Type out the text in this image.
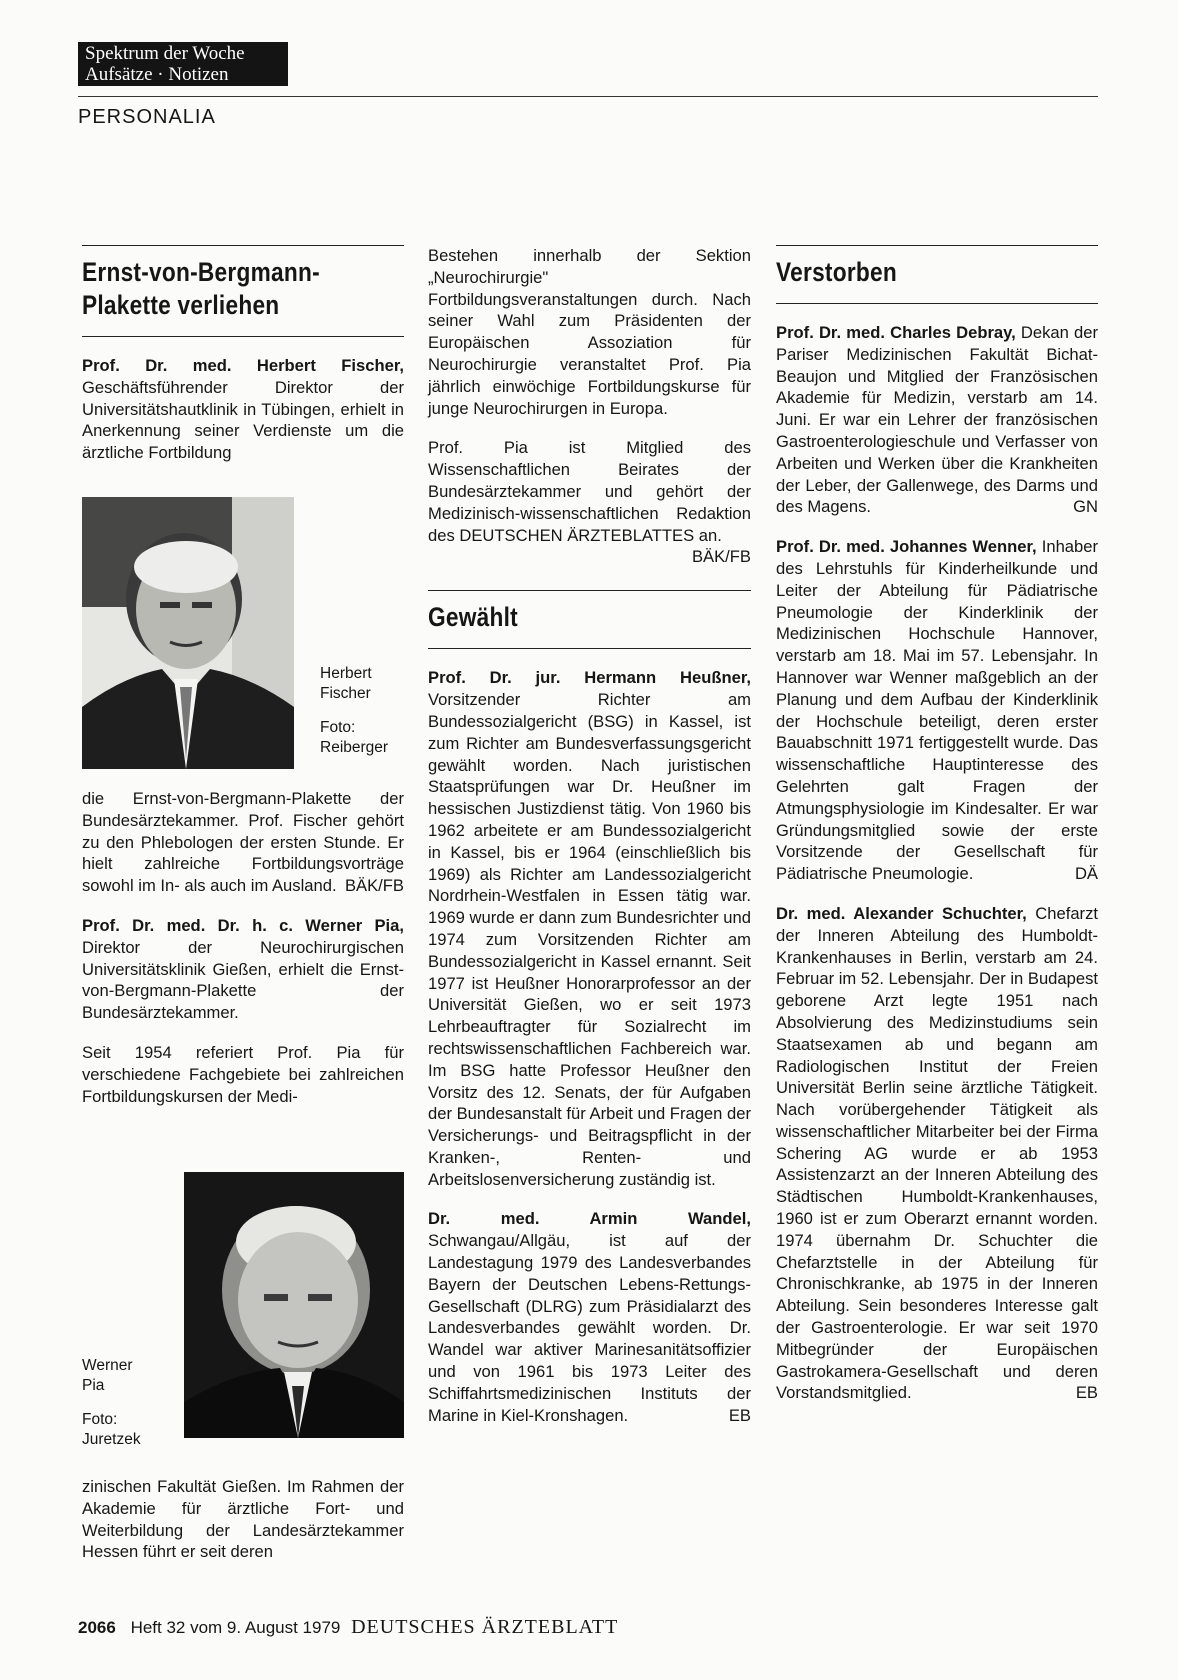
Spektrum der Woche
Aufsätze · Notizen
PERSONALIA
Ernst-von-Bergmann-Plakette verliehen

Prof. Dr. med. Herbert Fischer, Geschäftsführender Direktor der Universitätshautklinik in Tübingen, erhielt in Anerkennung seiner Verdienste um die ärztliche Fortbildung

Herbert Fischer
Foto: Reiberger

die Ernst-von-Bergmann-Plakette der Bundesärztekammer. Prof. Fischer gehört zu den Phlebologen der ersten Stunde. Er hielt zahlreiche Fortbildungsvorträge sowohl im In- als auch im Ausland. BÄK/FB

Prof. Dr. med. Dr. h. c. Werner Pia, Direktor der Neurochirurgischen Universitätsklinik Gießen, erhielt die Ernst-von-Bergmann-Plakette der Bundesärztekammer.

Seit 1954 referiert Prof. Pia für verschiedene Fachgebiete bei zahlreichen Fortbildungskursen der Medi-

Werner Pia
Foto: Juretzek

zinischen Fakultät Gießen. Im Rahmen der Akademie für ärztliche Fort- und Weiterbildung der Landesärztekammer Hessen führt er seit deren

Bestehen innerhalb der Sektion „Neurochirurgie" Fortbildungsveranstaltungen durch. Nach seiner Wahl zum Präsidenten der Europäischen Assoziation für Neurochirurgie veranstaltet Prof. Pia jährlich einwöchige Fortbildungskurse für junge Neurochirurgen in Europa.

Prof. Pia ist Mitglied des Wissenschaftlichen Beirates der Bundesärztekammer und gehört der Medizinisch-wissenschaftlichen Redaktion des DEUTSCHEN ÄRZTEBLATTES an.
BÄK/FB

Gewählt

Prof. Dr. jur. Hermann Heußner, Vorsitzender Richter am Bundessozialgericht (BSG) in Kassel, ist zum Richter am Bundesverfassungsgericht gewählt worden. Nach juristischen Staatsprüfungen war Dr. Heußner im hessischen Justizdienst tätig. Von 1960 bis 1962 arbeitete er am Bundessozialgericht in Kassel, bis er 1964 (einschließlich bis 1969) als Richter am Landessozialgericht Nordrhein-Westfalen in Essen tätig war. 1969 wurde er dann zum Bundesrichter und 1974 zum Vorsitzenden Richter am Bundessozialgericht in Kassel ernannt. Seit 1977 ist Heußner Honorarprofessor an der Universität Gießen, wo er seit 1973 Lehrbeauftragter für Sozialrecht im rechtswissenschaftlichen Fachbereich war. Im BSG hatte Professor Heußner den Vorsitz des 12. Senats, der für Aufgaben der Bundesanstalt für Arbeit und Fragen der Versicherungs- und Beitragspflicht in der Kranken-, Renten- und Arbeitslosenversicherung zuständig ist.

Dr. med. Armin Wandel, Schwangau/Allgäu, ist auf der Landestagung 1979 des Landesverbandes Bayern der Deutschen Lebens-Rettungs-Gesellschaft (DLRG) zum Präsidialarzt des Landesverbandes gewählt worden. Dr. Wandel war aktiver Marinesanitätsoffizier und von 1961 bis 1973 Leiter des Schiffahrtsmedizinischen Instituts der Marine in Kiel-Kronshagen.	EB

Verstorben

Prof. Dr. med. Charles Debray, Dekan der Pariser Medizinischen Fakultät Bichat-Beaujon und Mitglied der Französischen Akademie für Medizin, verstarb am 14. Juni. Er war ein Lehrer der französischen Gastroenterologieschule und Verfasser von Arbeiten und Werken über die Krankheiten der Leber, der Gallenwege, des Darms und des Magens.	GN

Prof. Dr. med. Johannes Wenner, Inhaber des Lehrstuhls für Kinderheilkunde und Leiter der Abteilung für Pädiatrische Pneumologie der Kinderklinik der Medizinischen Hochschule Hannover, verstarb am 18. Mai im 57. Lebensjahr. In Hannover war Wenner maßgeblich an der Planung und dem Aufbau der Kinderklinik der Hochschule beteiligt, deren erster Bauabschnitt 1971 fertiggestellt wurde. Das wissenschaftliche Hauptinteresse des Gelehrten galt Fragen der Atmungsphysiologie im Kindesalter. Er war Gründungsmitglied sowie der erste Vorsitzende der Gesellschaft für Pädiatrische Pneumologie.	DÄ

Dr. med. Alexander Schuchter, Chefarzt der Inneren Abteilung des Humboldt-Krankenhauses in Berlin, verstarb am 24. Februar im 52. Lebensjahr. Der in Budapest geborene Arzt legte 1951 nach Absolvierung des Medizinstudiums sein Staatsexamen ab und begann am Radiologischen Institut der Freien Universität Berlin seine ärztliche Tätigkeit. Nach vorübergehender Tätigkeit als wissenschaftlicher Mitarbeiter bei der Firma Schering AG wurde er ab 1953 Assistenzarzt an der Inneren Abteilung des Städtischen Humboldt-Krankenhauses, 1960 ist er zum Oberarzt ernannt worden. 1974 übernahm Dr. Schuchter die Chefarztstelle in der Abteilung für Chronischkranke, ab 1975 in der Inneren Abteilung. Sein besonderes Interesse galt der Gastroenterologie. Er war seit 1970 Mitbegründer der Europäischen Gastrokamera-Gesellschaft und deren Vorstandsmitglied.	EB

2066 Heft 32 vom 9. August 1979 DEUTSCHES ÄRZTEBLATT
